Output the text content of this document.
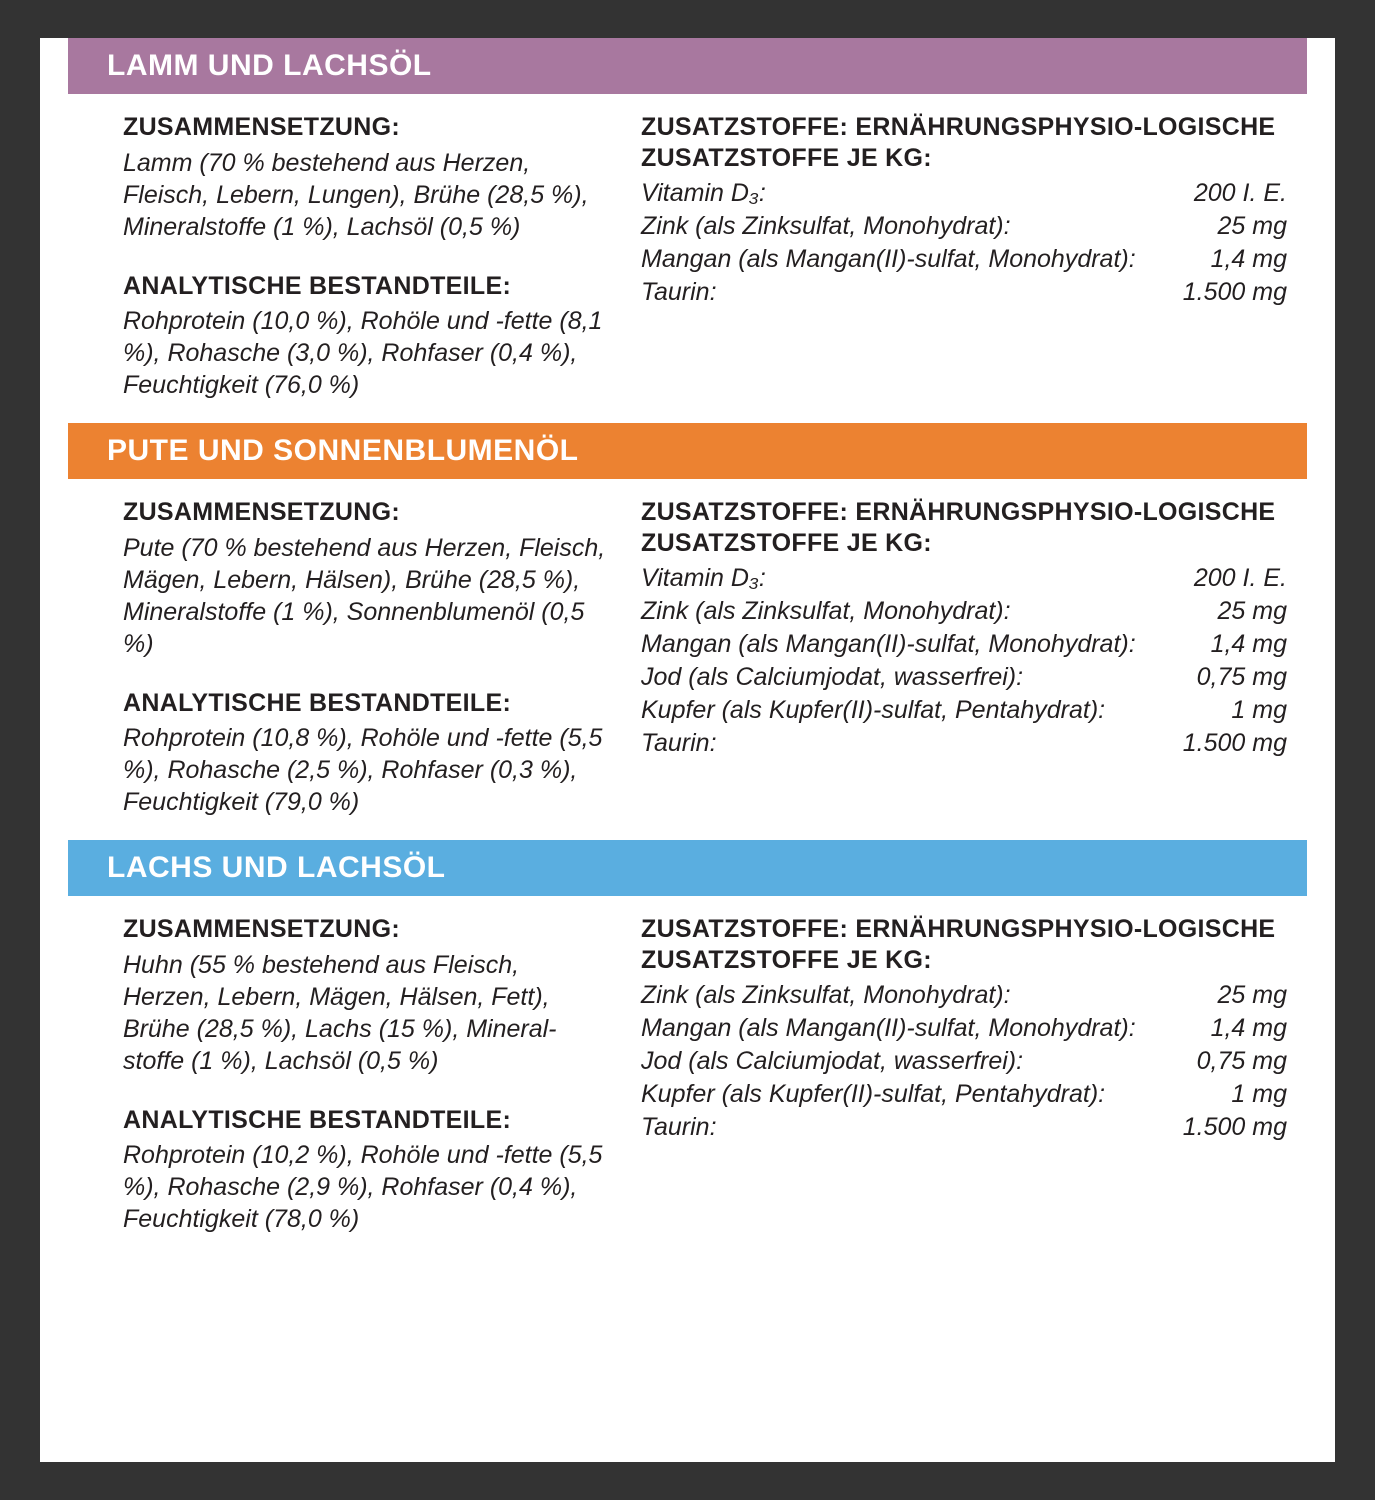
LAMM UND LACHSÖL
ZUSAMMENSETZUNG:

Lamm (70 % bestehend aus Herzen, Fleisch, Lebern, Lungen), Brühe (28,5 %), Mineralstoffe (1 %), Lachsöl (0,5 %)

ANALYTISCHE BESTANDTEILE:

Rohprotein (10,0 %), Rohöle und -fette (8,1 %), Rohasche (3,0 %), Rohfaser (0,4 %), Feuchtigkeit (76,0 %)

ZUSATZSTOFFE: ERNÄHRUNGSPHYSIO-LOGISCHE ZUSATZSTOFFE JE KG:
Vitamin D₃:	200 I. E.
Zink (als Zinksulfat, Monohydrat):	25 mg
Mangan (als Mangan(II)-sulfat, Monohydrat):	1,4 mg
Taurin:	1.500 mg
PUTE UND SONNENBLUMENÖL
ZUSAMMENSETZUNG:

Pute (70 % bestehend aus Herzen, Fleisch, Mägen, Lebern, Hälsen), Brühe (28,5 %), Mineralstoffe (1 %), Sonnenblumenöl (0,5 %)

ANALYTISCHE BESTANDTEILE:

Rohprotein (10,8 %), Rohöle und -fette (5,5 %), Rohasche (2,5 %), Rohfaser (0,3 %), Feuchtigkeit (79,0 %)

ZUSATZSTOFFE: ERNÄHRUNGSPHYSIO-LOGISCHE ZUSATZSTOFFE JE KG:
Vitamin D₃:	200 I. E.
Zink (als Zinksulfat, Monohydrat):	25 mg
Mangan (als Mangan(II)-sulfat, Monohydrat):	1,4 mg
Jod (als Calciumjodat, wasserfrei):	0,75 mg
Kupfer (als Kupfer(II)-sulfat, Pentahydrat):	1 mg
Taurin:	1.500 mg
LACHS UND LACHSÖL
ZUSAMMENSETZUNG:

Huhn (55 % bestehend aus Fleisch, Herzen, Lebern, Mägen, Hälsen, Fett), Brühe (28,5 %), Lachs (15 %), Mineral-stoffe (1 %), Lachsöl (0,5 %)

ANALYTISCHE BESTANDTEILE:

Rohprotein (10,2 %), Rohöle und -fette (5,5 %), Rohasche (2,9 %), Rohfaser (0,4 %), Feuchtigkeit (78,0 %)

ZUSATZSTOFFE: ERNÄHRUNGSPHYSIO-LOGISCHE ZUSATZSTOFFE JE KG:
Zink (als Zinksulfat, Monohydrat):	25 mg
Mangan (als Mangan(II)-sulfat, Monohydrat):	1,4 mg
Jod (als Calciumjodat, wasserfrei):	0,75 mg
Kupfer (als Kupfer(II)-sulfat, Pentahydrat):	1 mg
Taurin:	1.500 mg
